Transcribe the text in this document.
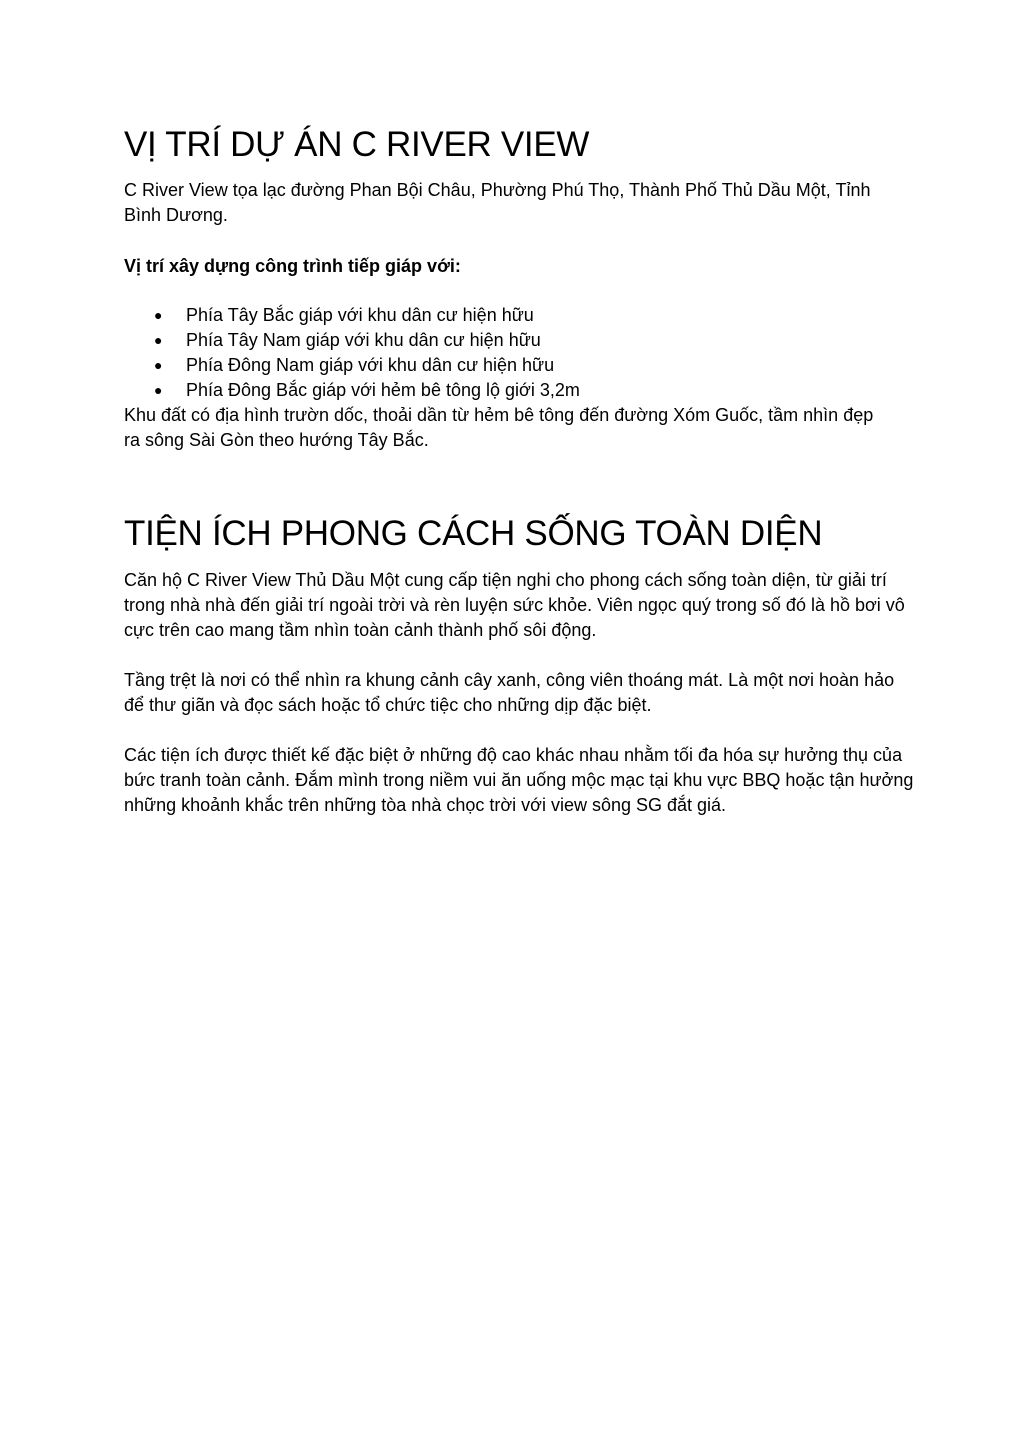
VỊ TRÍ DỰ ÁN C RIVER VIEW

C River View tọa lạc đường Phan Bội Châu, Phường Phú Thọ, Thành Phố Thủ Dầu Một, Tỉnh Bình Dương.

Vị trí xây dựng công trình tiếp giáp với:

● Phía Tây Bắc giáp với khu dân cư hiện hữu
● Phía Tây Nam giáp với khu dân cư hiện hữu
● Phía Đông Nam giáp với khu dân cư hiện hữu
● Phía Đông Bắc giáp với hẻm bê tông lộ giới 3,2m

Khu đất có địa hình trườn dốc, thoải dần từ hẻm bê tông đến đường Xóm Guốc, tầm nhìn đẹp ra sông Sài Gòn theo hướng Tây Bắc.

TIỆN ÍCH PHONG CÁCH SỐNG TOÀN DIỆN

Căn hộ C River View Thủ Dầu Một cung cấp tiện nghi cho phong cách sống toàn diện, từ giải trí trong nhà nhà đến giải trí ngoài trời và rèn luyện sức khỏe. Viên ngọc quý trong số đó là hồ bơi vô cực trên cao mang tầm nhìn toàn cảnh thành phố sôi động.

Tầng trệt là nơi có thể nhìn ra khung cảnh cây xanh, công viên thoáng mát. Là một nơi hoàn hảo để thư giãn và đọc sách hoặc tổ chức tiệc cho những dịp đặc biệt.

Các tiện ích được thiết kế đặc biệt ở những độ cao khác nhau nhằm tối đa hóa sự hưởng thụ của bức tranh toàn cảnh. Đắm mình trong niềm vui ăn uống mộc mạc tại khu vực BBQ hoặc tận hưởng những khoảnh khắc trên những tòa nhà chọc trời với view sông SG đắt giá.
